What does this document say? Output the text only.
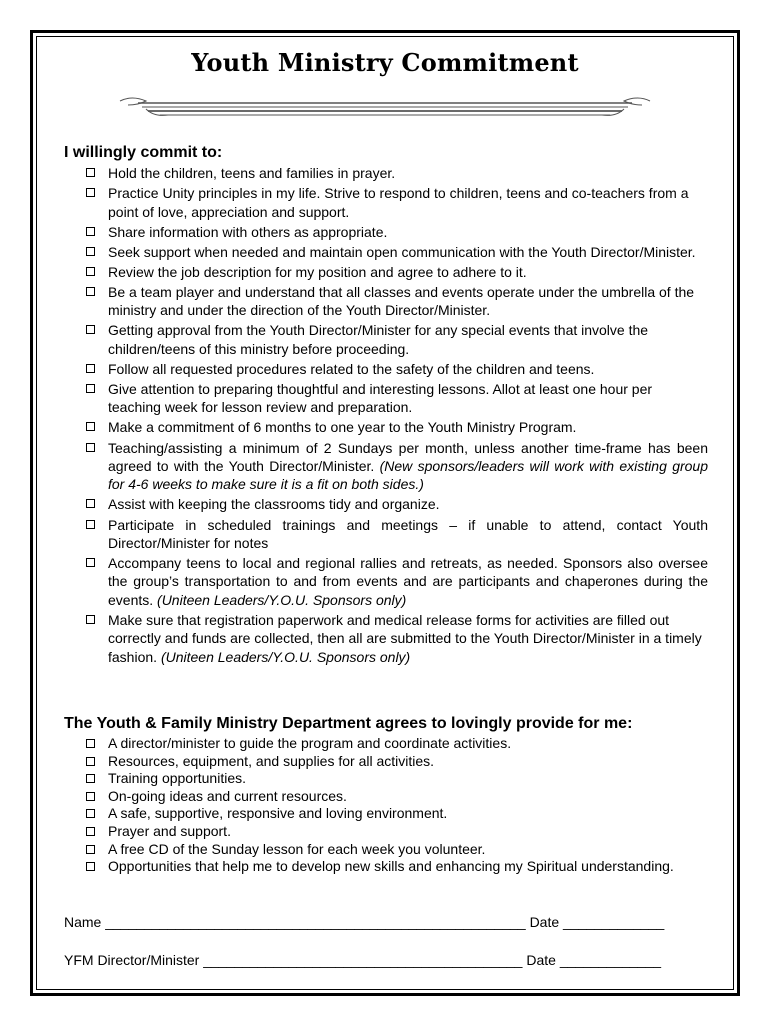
Youth Ministry Commitment
I willingly commit to:
Hold the children, teens and families in prayer.
Practice Unity principles in my life. Strive to respond to children, teens and co-teachers from a point of love, appreciation and support.
Share information with others as appropriate.
Seek support when needed and maintain open communication with the Youth Director/Minister.
Review the job description for my position and agree to adhere to it.
Be a team player and understand that all classes and events operate under the umbrella of the ministry and under the direction of the Youth Director/Minister.
Getting approval from the Youth Director/Minister for any special events that involve the children/teens of this ministry before proceeding.
Follow all requested procedures related to the safety of the children and teens.
Give attention to preparing thoughtful and interesting lessons. Allot at least one hour per teaching week for lesson review and preparation.
Make a commitment of 6 months to one year to the Youth Ministry Program.
Teaching/assisting a minimum of 2 Sundays per month, unless another time-frame has been agreed to with the Youth Director/Minister. (New sponsors/leaders will work with existing group for 4-6 weeks to make sure it is a fit on both sides.)
Assist with keeping the classrooms tidy and organize.
Participate in scheduled trainings and meetings – if unable to attend, contact Youth Director/Minister for notes
Accompany teens to local and regional rallies and retreats, as needed. Sponsors also oversee the group’s transportation to and from events and are participants and chaperones during the events. (Uniteen Leaders/Y.O.U. Sponsors only)
Make sure that registration paperwork and medical release forms for activities are filled out correctly and funds are collected, then all are submitted to the Youth Director/Minister in a timely fashion. (Uniteen Leaders/Y.O.U. Sponsors only)
The Youth & Family Ministry Department agrees to lovingly provide for me:
A director/minister to guide the program and coordinate activities.
Resources, equipment, and supplies for all activities.
Training opportunities.
On-going ideas and current resources.
A safe, supportive, responsive and loving environment.
Prayer and support.
A free CD of the Sunday lesson for each week you volunteer.
Opportunities that help me to develop new skills and enhancing my Spiritual understanding.
Name ______________________________________________________ Date _____________
YFM Director/Minister _________________________________________ Date _____________
